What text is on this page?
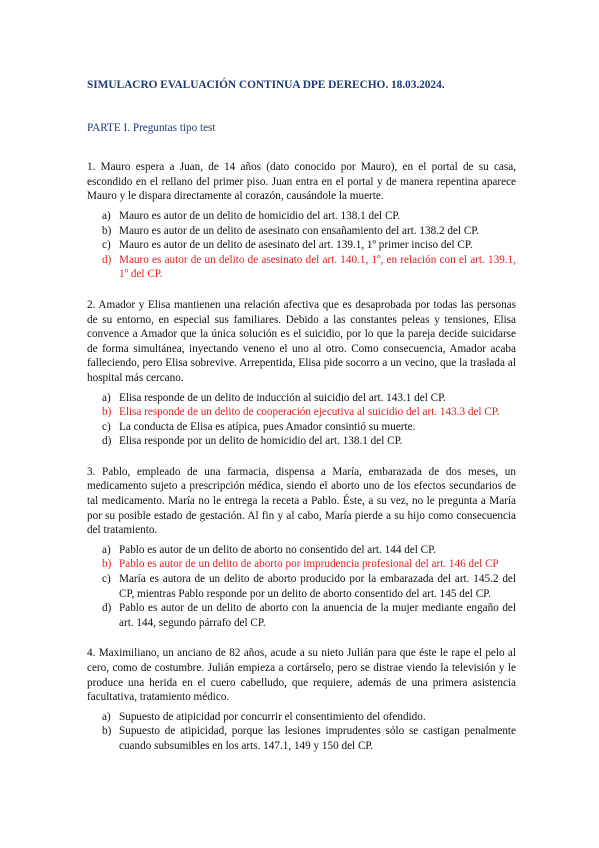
SIMULACRO EVALUACIÓN CONTINUA DPE DERECHO. 18.03.2024.
PARTE I. Preguntas tipo test
1. Mauro espera a Juan, de 14 años (dato conocido por Mauro), en el portal de su casa, escondido en el rellano del primer piso. Juan entra en el portal y de manera repentina aparece Mauro y le dispara directamente al corazón, causándole la muerte.
a) Mauro es autor de un delito de homicidio del art. 138.1 del CP.
b) Mauro es autor de un delito de asesinato con ensañamiento del art. 138.2 del CP.
c) Mauro es autor de un delito de asesinato del art. 139.1, 1º primer inciso del CP.
d) Mauro es autor de un delito de asesinato del art. 140.1, 1º, en relación con el art. 139.1, 1º del CP.
2. Amador y Elisa mantienen una relación afectiva que es desaprobada por todas las personas de su entorno, en especial sus familiares. Debido a las constantes peleas y tensiones, Elisa convence a Amador que la única solución es el suicidio, por lo que la pareja decide suicidarse de forma simultánea, inyectando veneno el uno al otro. Como consecuencia, Amador acaba falleciendo, pero Elisa sobrevive. Arrepentida, Elisa pide socorro a un vecino, que la traslada al hospital más cercano.
a) Elisa responde de un delito de inducción al suicidio del art. 143.1 del CP.
b) Elisa responde de un delito de cooperación ejecutiva al suicidio del art. 143.3 del CP.
c) La conducta de Elisa es atípica, pues Amador consintió su muerte.
d) Elisa responde por un delito de homicidio del art. 138.1 del CP.
3. Pablo, empleado de una farmacia, dispensa a María, embarazada de dos meses, un medicamento sujeto a prescripción médica, siendo el aborto uno de los efectos secundarios de tal medicamento. María no le entrega la receta a Pablo. Éste, a su vez, no le pregunta a María por su posible estado de gestación. Al fin y al cabo, María pierde a su hijo como consecuencia del tratamiento.
a) Pablo es autor de un delito de aborto no consentido del art. 144 del CP.
b) Pablo es autor de un delito de aborto por imprudencia profesional del art. 146 del CP
c) María es autora de un delito de aborto producido por la embarazada del art. 145.2 del CP, mientras Pablo responde por un delito de aborto consentido del art. 145 del CP.
d) Pablo es autor de un delito de aborto con la anuencia de la mujer mediante engaño del art. 144, segundo párrafo del CP.
4. Maximiliano, un anciano de 82 años, acude a su nieto Julián para que éste le rape el pelo al cero, como de costumbre. Julián empieza a cortárselo, pero se distrae viendo la televisión y le produce una herida en el cuero cabelludo, que requiere, además de una primera asistencia facultativa, tratamiento médico.
a) Supuesto de atipicidad por concurrir el consentimiento del ofendido.
b) Supuesto de atipicidad, porque las lesiones imprudentes sólo se castigan penalmente cuando subsumibles en los arts. 147.1, 149 y 150 del CP.
